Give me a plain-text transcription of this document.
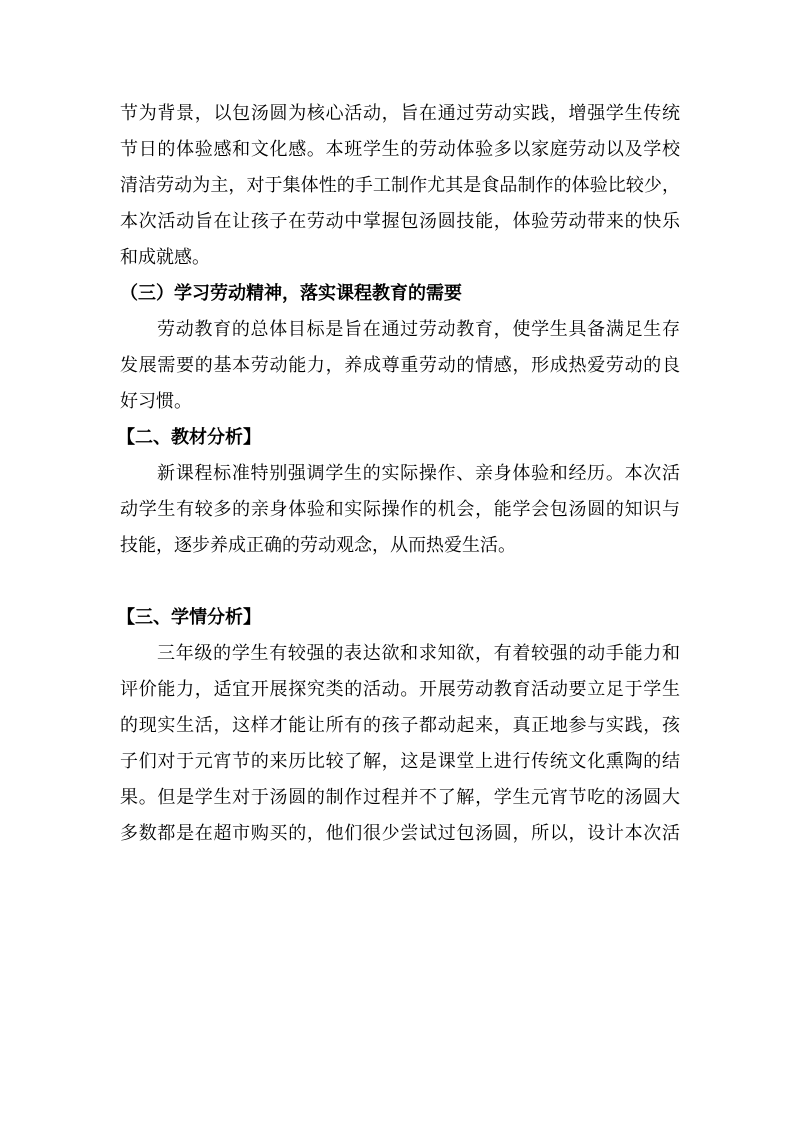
节为背景，以包汤圆为核心活动，旨在通过劳动实践，增强学生传统
节日的体验感和文化感。本班学生的劳动体验多以家庭劳动以及学校
清洁劳动为主，对于集体性的手工制作尤其是食品制作的体验比较少，
本次活动旨在让孩子在劳动中掌握包汤圆技能，体验劳动带来的快乐
和成就感。
（三）学习劳动精神，落实课程教育的需要
劳动教育的总体目标是旨在通过劳动教育，使学生具备满足生存
发展需要的基本劳动能力，养成尊重劳动的情感，形成热爱劳动的良
好习惯。
【二、教材分析】
新课程标准特别强调学生的实际操作、亲身体验和经历。本次活
动学生有较多的亲身体验和实际操作的机会，能学会包汤圆的知识与
技能，逐步养成正确的劳动观念，从而热爱生活。
【三、学情分析】
三年级的学生有较强的表达欲和求知欲，有着较强的动手能力和
评价能力，适宜开展探究类的活动。开展劳动教育活动要立足于学生
的现实生活，这样才能让所有的孩子都动起来，真正地参与实践，孩
子们对于元宵节的来历比较了解，这是课堂上进行传统文化熏陶的结
果。但是学生对于汤圆的制作过程并不了解，学生元宵节吃的汤圆大
多数都是在超市购买的，他们很少尝试过包汤圆，所以，设计本次活
